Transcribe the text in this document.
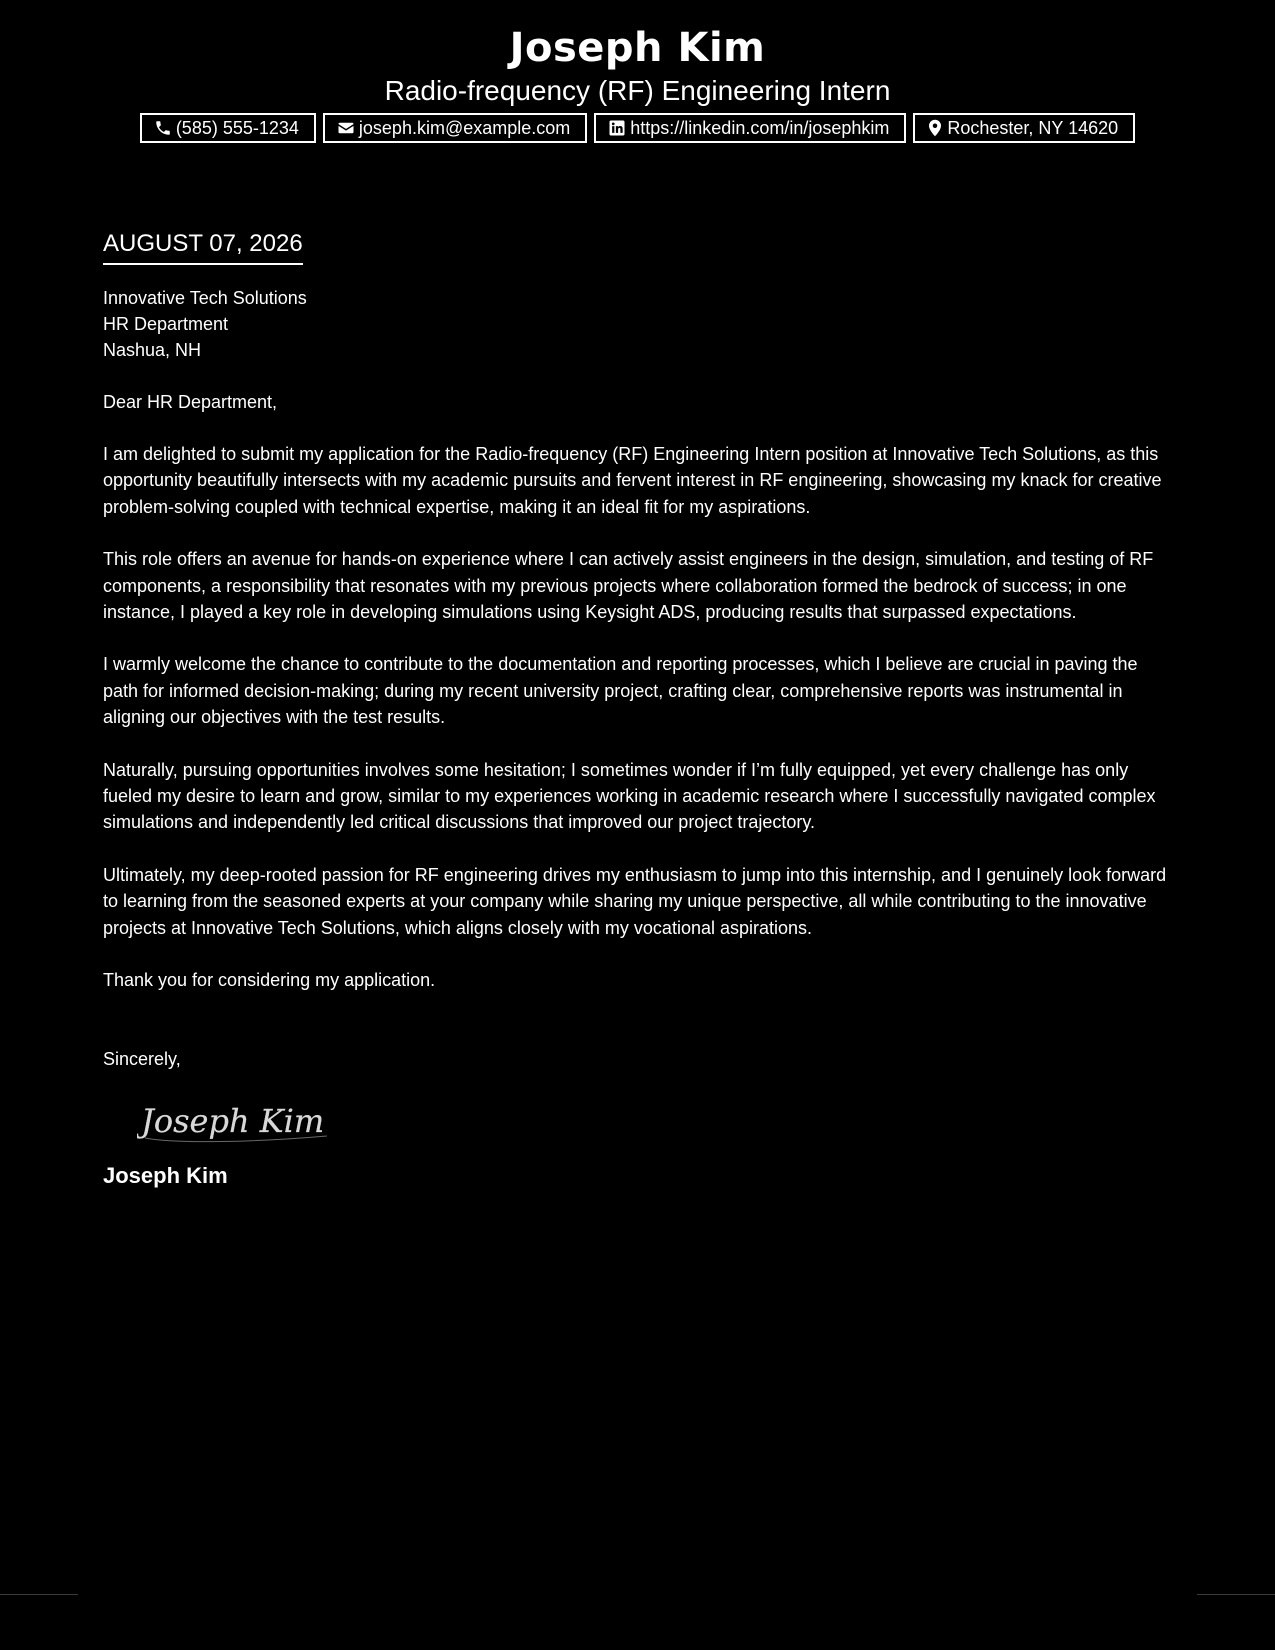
Joseph Kim
Radio-frequency (RF) Engineering Intern
(585) 555-1234	joseph.kim@example.com	https://linkedin.com/in/josephkim	Rochester, NY 14620
AUGUST 07, 2026
Innovative Tech Solutions
HR Department
Nashua, NH
Dear HR Department,

I am delighted to submit my application for the Radio-frequency (RF) Engineering Intern position at Innovative Tech Solutions, as this opportunity beautifully intersects with my academic pursuits and fervent interest in RF engineering, showcasing my knack for creative problem-solving coupled with technical expertise, making it an ideal fit for my aspirations.

This role offers an avenue for hands-on experience where I can actively assist engineers in the design, simulation, and testing of RF components, a responsibility that resonates with my previous projects where collaboration formed the bedrock of success; in one instance, I played a key role in developing simulations using Keysight ADS, producing results that surpassed expectations.

I warmly welcome the chance to contribute to the documentation and reporting processes, which I believe are crucial in paving the path for informed decision-making; during my recent university project, crafting clear, comprehensive reports was instrumental in aligning our objectives with the test results.

Naturally, pursuing opportunities involves some hesitation; I sometimes wonder if I’m fully equipped, yet every challenge has only fueled my desire to learn and grow, similar to my experiences working in academic research where I successfully navigated complex simulations and independently led critical discussions that improved our project trajectory.

Ultimately, my deep-rooted passion for RF engineering drives my enthusiasm to jump into this internship, and I genuinely look forward to learning from the seasoned experts at your company while sharing my unique perspective, all while contributing to the innovative projects at Innovative Tech Solutions, which aligns closely with my vocational aspirations.

Thank you for considering my application.

Sincerely,
Joseph Kim
Joseph Kim
